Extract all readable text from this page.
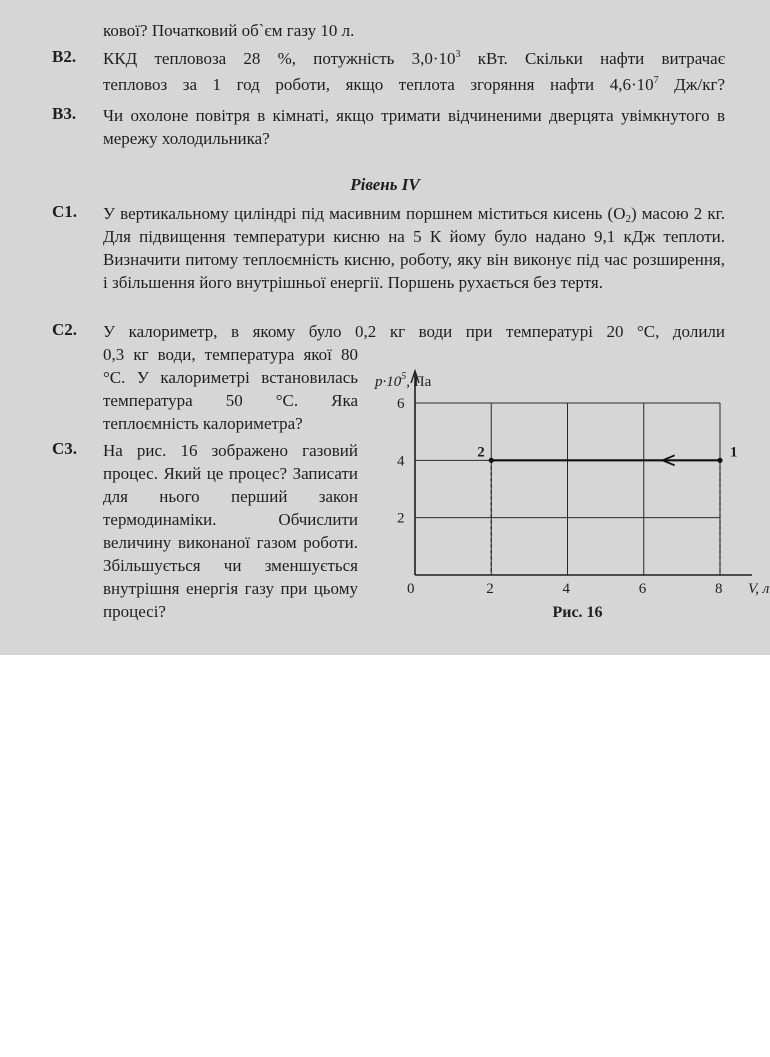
кової? Початковий об`єм газу 10 л.
B2. ККД тепловоза 28 %, потужність $3,0\cdot 10^3$ кВт. Скільки нафти витрачає
тепловоз за 1 год роботи, якщо теплота згоряння нафти $4,6\cdot 10^7$ Дж/кг?
B3. Чи охолоне повітря в кімнаті, якщо тримати відчиненими дверцята увімкнутого в мережу холодильника?
Рівень IV
C1. У вертикальному циліндрі під масивним поршнем міститься кисень $(O_2)$ масою 2 кг. Для підвищення температури кисню на 5 К йому було надано 9,1 кДж теплоти. Визначити питому теплоємність кисню, роботу, яку він виконує під час розширення, і збільшення його внутрішньої енергії. Поршень рухається без тертя.
C2. У калориметр, в якому було 0,2 кг води при температурі 20 °С, долили
0,3 кг води, температура якої 80 °С. У калориметрі встановилась температура 50 °С. Яка теплоємність калориметра?
C3. На рис. 16 зображено газовий процес. Який це процес? Записати для нього перший закон термодинаміки. Обчислити величину виконаної газом роботи. Збільшується чи зменшується внутрішня енергія газу при цьому процесі?
1
2
0	2	4	6	8
2
4
6
$p\cdot 10^5$, Па
V, л
Рис. 16
